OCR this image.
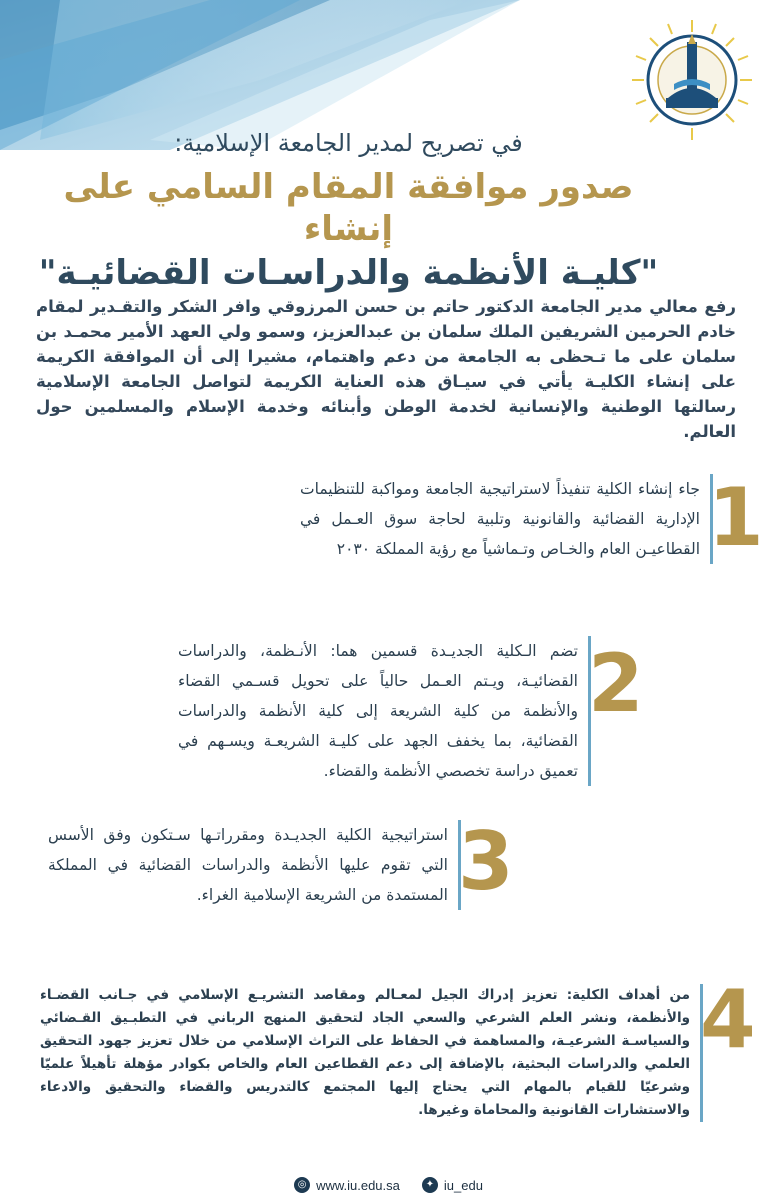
في تصريح لمدير الجامعة الإسلامية:

صدور موافقة المقام السامي على إنشاء

"كليـة الأنظمة والدراسـات القضائيـة"

رفع معالي مدير الجامعة الدكتور حاتم بن حسن المرزوقي وافر الشكر والتقـدير لمقام خادم الحرمين الشريفين الملك سلمان بن عبدالعزيز، وسمو ولي العهد الأمير محمـد بن سلمان على ما تـحظى به الجامعة من دعم واهتمام، مشيرا إلى أن الموافقة الكريمة على إنشاء الكليـة يأتي في سيـاق هذه العناية الكريمة لتواصل الجامعة الإسلامية رسالتها الوطنية والإنسانية لخدمة الوطن وأبنائه وخدمة الإسلام والمسلمين حول العالم.
1
جاء إنشاء الكلية تنفيذاً لاستراتيجية الجامعة ومواكبة للتنظيمات الإدارية القضائية والقانونية وتلبية لحاجة سوق العـمل في القطاعيـن العام والخـاص وتـماشياً مع رؤية المملكة ٢٠٣٠
2
تضم الـكلية الجديـدة قسمين هما: الأنـظمة، والدراسات القضائيـة، ويـتم العـمل حالياً على تحويل قسـمي القضاء والأنظمة من كلية الشريعة إلى كلية الأنظمة والدراسات القضائية، بما يخفف الجهد على كليـة الشريعـة ويسـهم في تعميق دراسة تخصصي الأنظمة والقضاء.
3
استراتيجية الكلية الجديـدة ومقرراتـها سـتكون وفق الأسس التي تقوم عليها الأنظمة والدراسات القضائية في المملكة المستمدة من الشريعة الإسلامية الغراء.
4
من أهداف الكلية: تعزيز إدراك الجيل لمعـالم ومقاصد التشريـع الإسلامي في جـانب القضـاء والأنظمة، ونشر العلم الشرعي والسعي الجاد لتحقيق المنهج الرباني في التطبـيق القـضائي والسياسـة الشرعيـة، والمساهمة في الحفاظ على التراث الإسلامي من خلال تعزيز جهود التحقيق العلمي والدراسات البحثية، بالإضافة إلى دعم القطاعين العام والخاص بكوادر مؤهلة تأهيلاً علميّا وشرعيّا للقيام بالمهام التي يحتاج إليها المجتمع كالتدريس والقضاء والتحقيق والادعاء والاستشارات القانونية والمحاماة وغيرها.
◎ www.iu.edu.sa	✦ iu_edu
